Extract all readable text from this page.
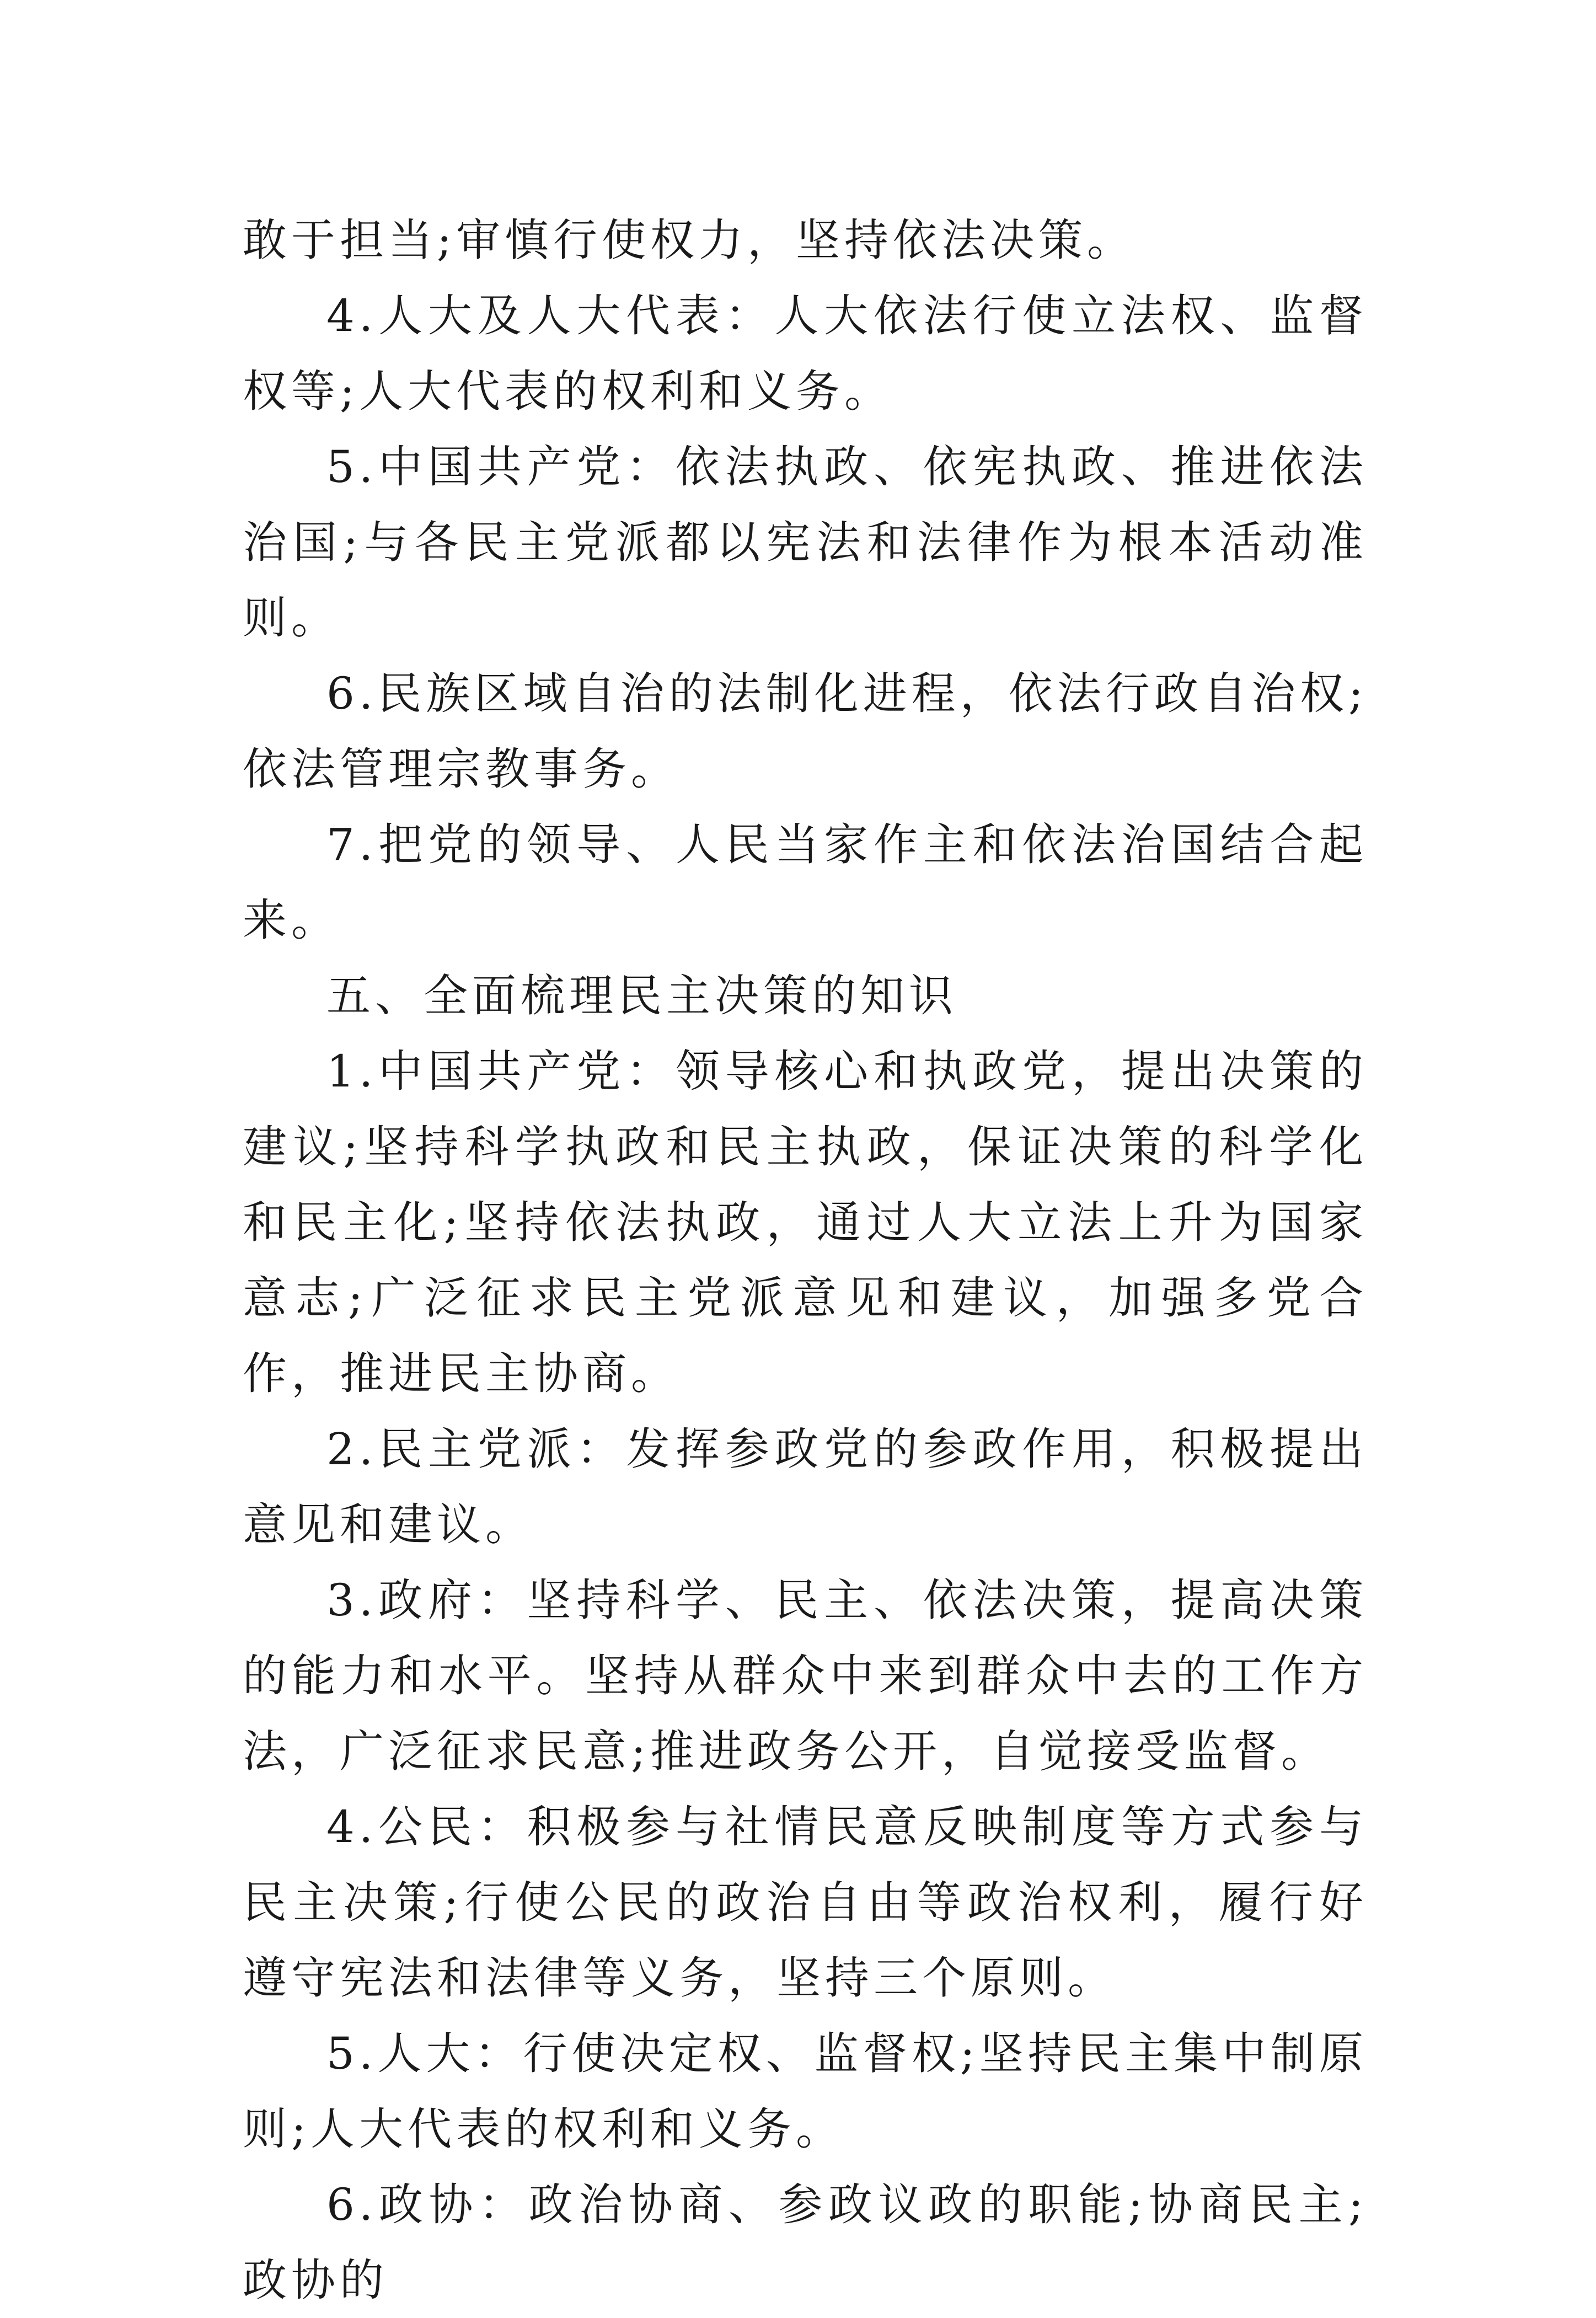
敢于担当;审慎行使权力，坚持依法决策。

4.人大及人大代表：人大依法行使立法权、监督权等;人大代表的权利和义务。

5.中国共产党：依法执政、依宪执政、推进依法治国;与各民主党派都以宪法和法律作为根本活动准则。

6.民族区域自治的法制化进程，依法行政自治权;依法管理宗教事务。

7.把党的领导、人民当家作主和依法治国结合起来。

五、全面梳理民主决策的知识

1.中国共产党：领导核心和执政党，提出决策的建议;坚持科学执政和民主执政，保证决策的科学化和民主化;坚持依法执政，通过人大立法上升为国家意志;广泛征求民主党派意见和建议，加强多党合作，推进民主协商。

2.民主党派：发挥参政党的参政作用，积极提出意见和建议。

3.政府：坚持科学、民主、依法决策，提高决策的能力和水平。坚持从群众中来到群众中去的工作方法，广泛征求民意;推进政务公开，自觉接受监督。

4.公民：积极参与社情民意反映制度等方式参与民主决策;行使公民的政治自由等政治权利，履行好遵守宪法和法律等义务，坚持三个原则。

5.人大：行使决定权、监督权;坚持民主集中制原则;人大代表的权利和义务。

6.政协：政治协商、参政议政的职能;协商民主;政协的
